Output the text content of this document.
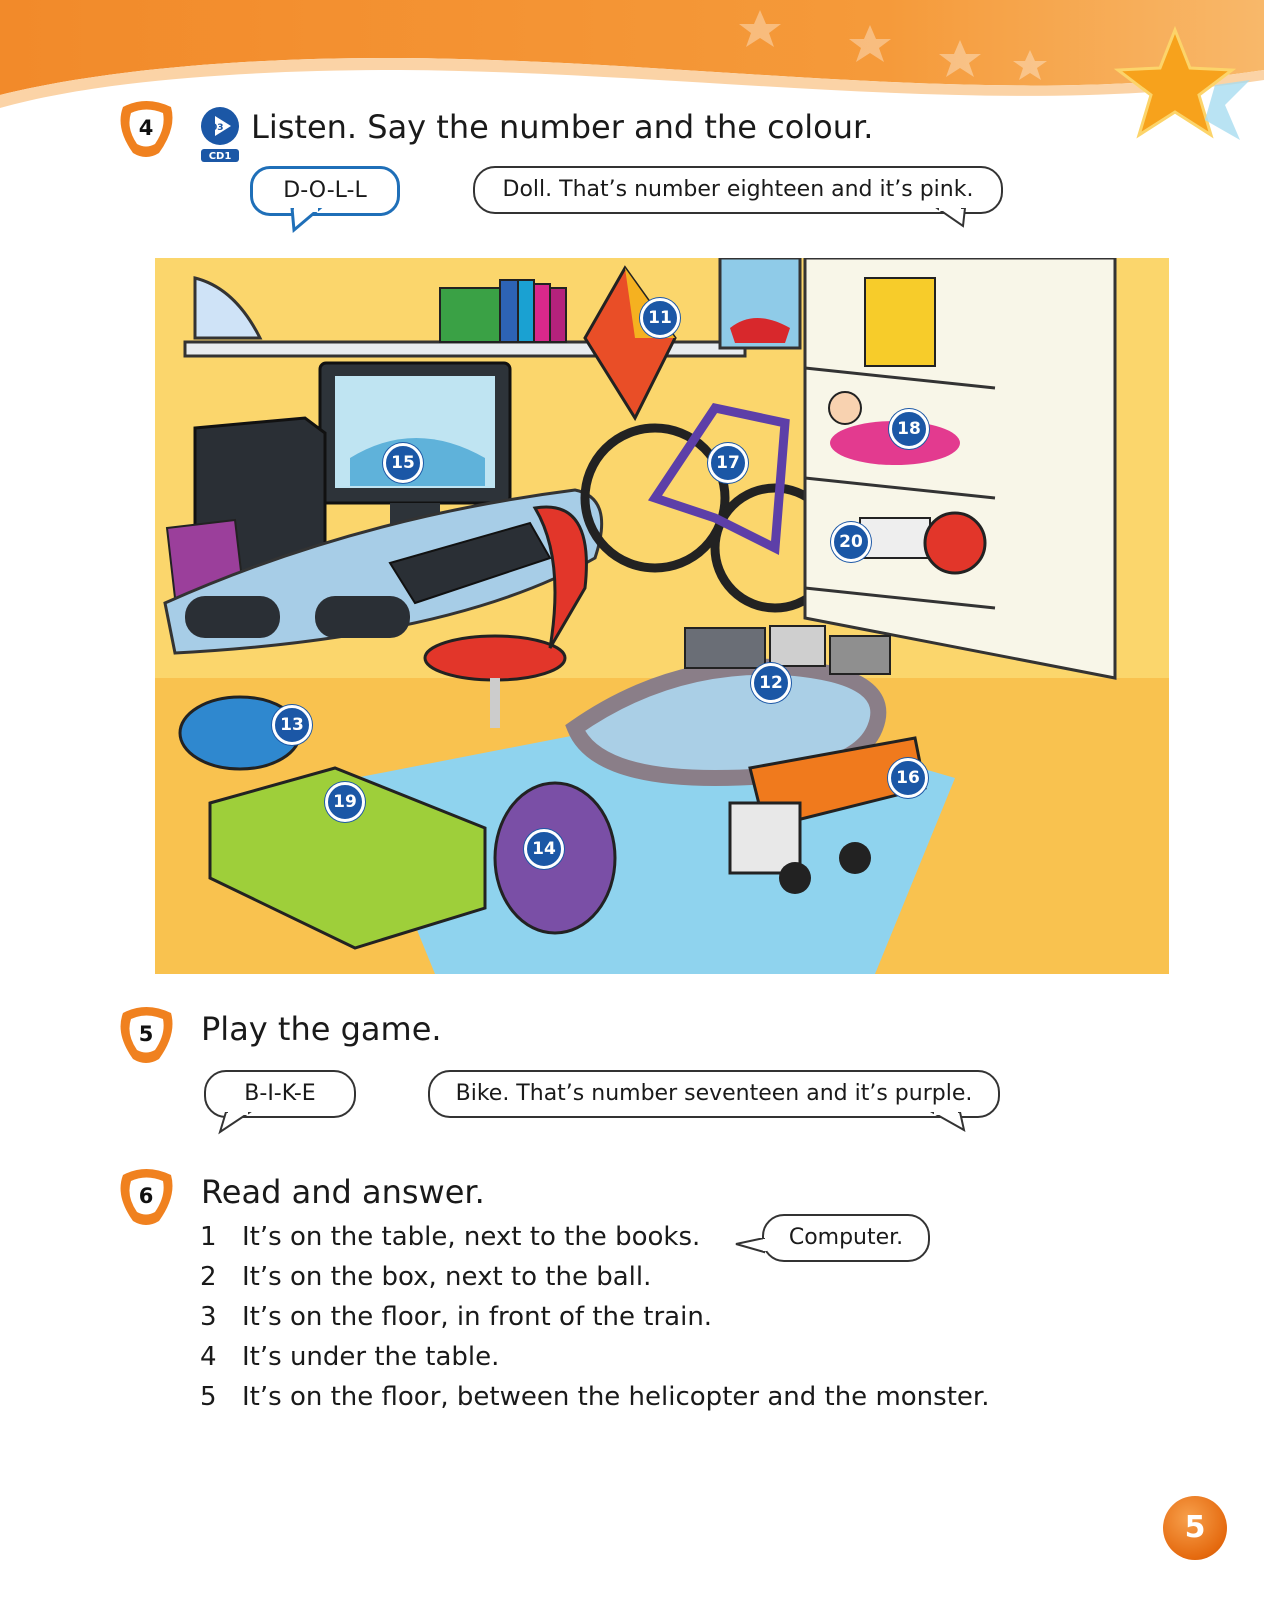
4	03
CD1
Listen. Say the number and the colour.
D-O-L-L	Doll. That’s number eighteen and it’s pink.
11
12
13
14
15
16
17
18
19
20
5	Play the game.
B-I-K-E	Bike. That’s number seventeen and it’s purple.
6	Read and answer.
Computer.
1 It’s on the table, next to the books.
2 It’s on the box, next to the ball.
3 It’s on the floor, in front of the train.
4 It’s under the table.
5 It’s on the floor, between the helicopter and the monster.
5
